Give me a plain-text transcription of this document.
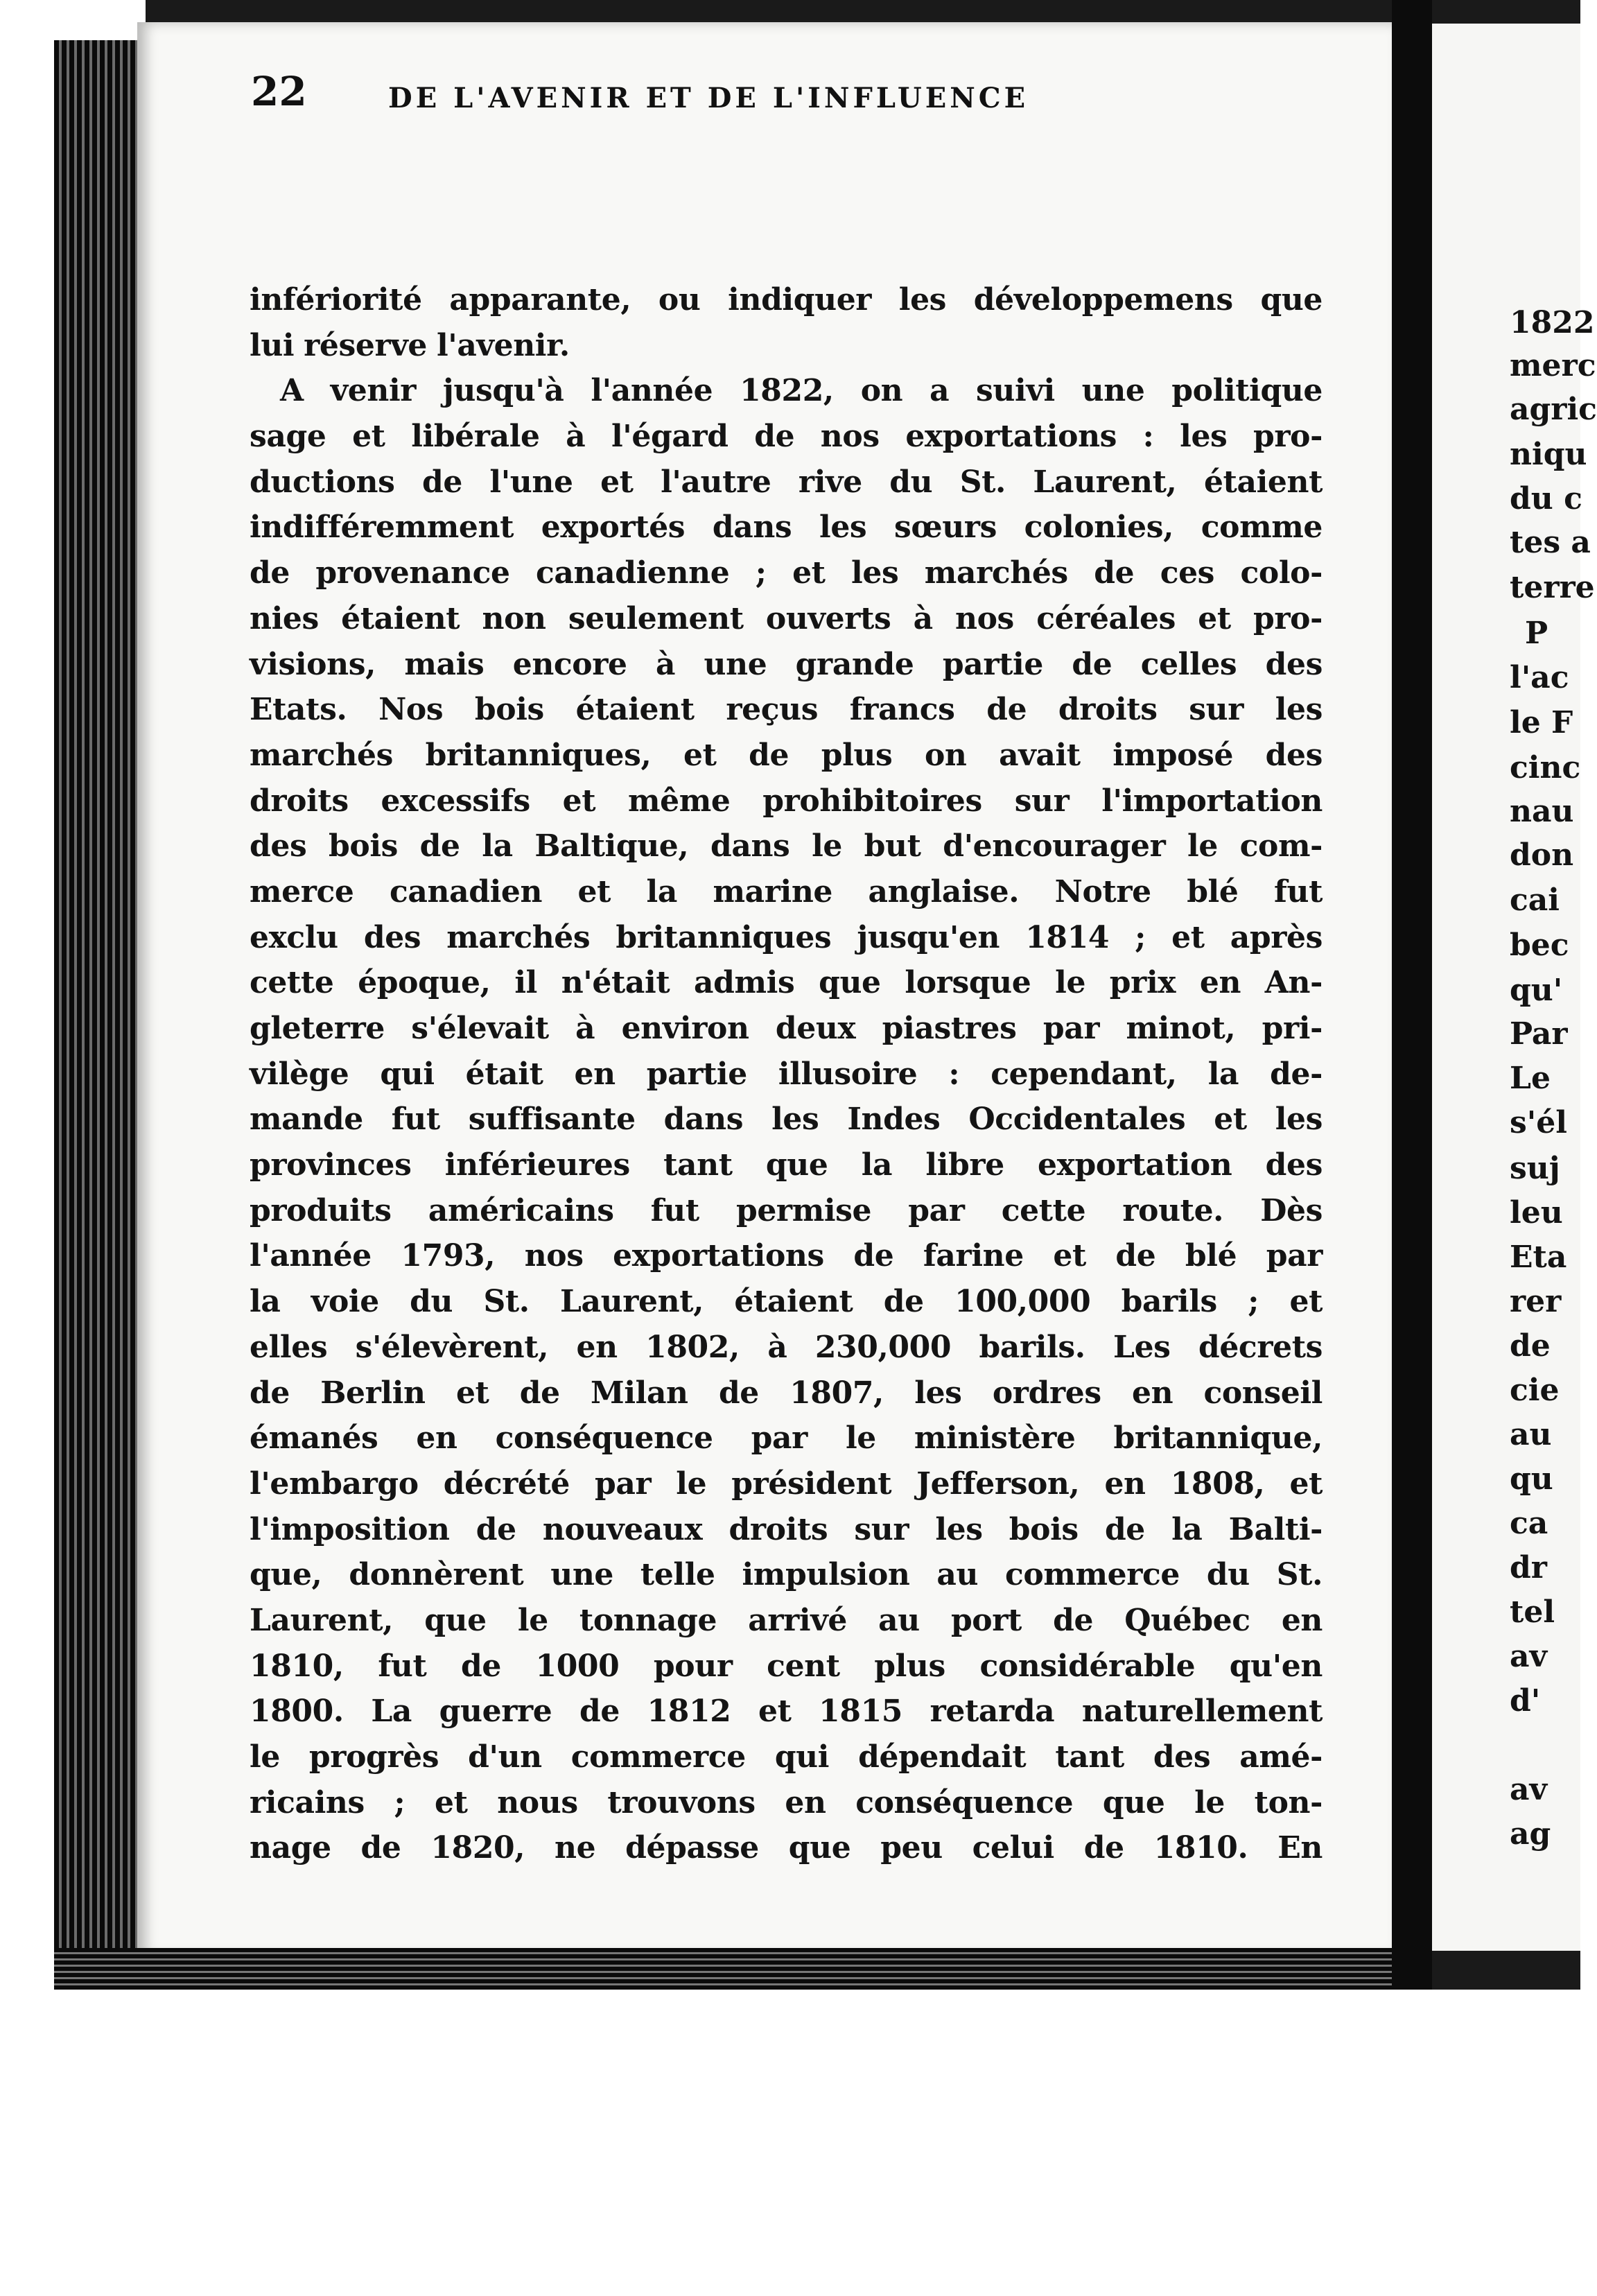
22	DE L'AVENIR ET DE L'INFLUENCE
infériorité apparante, ou indiquer les développemens que
lui réserve l'avenir.
A venir jusqu'à l'année 1822, on a suivi une politique
sage et libérale à l'égard de nos exportations : les pro-
ductions de l'une et l'autre rive du St. Laurent, étaient
indifféremment exportés dans les sœurs colonies, comme
de provenance canadienne ; et les marchés de ces colo-
nies étaient non seulement ouverts à nos céréales et pro-
visions, mais encore à une grande partie de celles des
Etats. Nos bois étaient reçus francs de droits sur les
marchés britanniques, et de plus on avait imposé des
droits excessifs et même prohibitoires sur l'importation
des bois de la Baltique, dans le but d'encourager le com-
merce canadien et la marine anglaise. Notre blé fut
exclu des marchés britanniques jusqu'en 1814 ; et après
cette époque, il n'était admis que lorsque le prix en An-
gleterre s'élevait à environ deux piastres par minot, pri-
vilège qui était en partie illusoire : cependant, la de-
mande fut suffisante dans les Indes Occidentales et les
provinces inférieures tant que la libre exportation des
produits américains fut permise par cette route. Dès
l'année 1793, nos exportations de farine et de blé par
la voie du St. Laurent, étaient de 100,000 barils ; et
elles s'élevèrent, en 1802, à 230,000 barils. Les décrets
de Berlin et de Milan de 1807, les ordres en conseil
émanés en conséquence par le ministère britannique,
l'embargo décrété par le président Jefferson, en 1808, et
l'imposition de nouveaux droits sur les bois de la Balti-
que, donnèrent une telle impulsion au commerce du St.
Laurent, que le tonnage arrivé au port de Québec en
1810, fut de 1000 pour cent plus considérable qu'en
1800. La guerre de 1812 et 1815 retarda naturellement
le progrès d'un commerce qui dépendait tant des amé-
ricains ; et nous trouvons en conséquence que le ton-
nage de 1820, ne dépasse que peu celui de 1810. En
1822
merc
agric
niqu
du c
tes a
terre
P
l'ac
le F
cinc
nau
don
cai
bec
qu'
Par
Le
s'él
suj
leu
Eta
rer
de
cie
au
qu
ca
dr
tel
av
d'
av
ag
